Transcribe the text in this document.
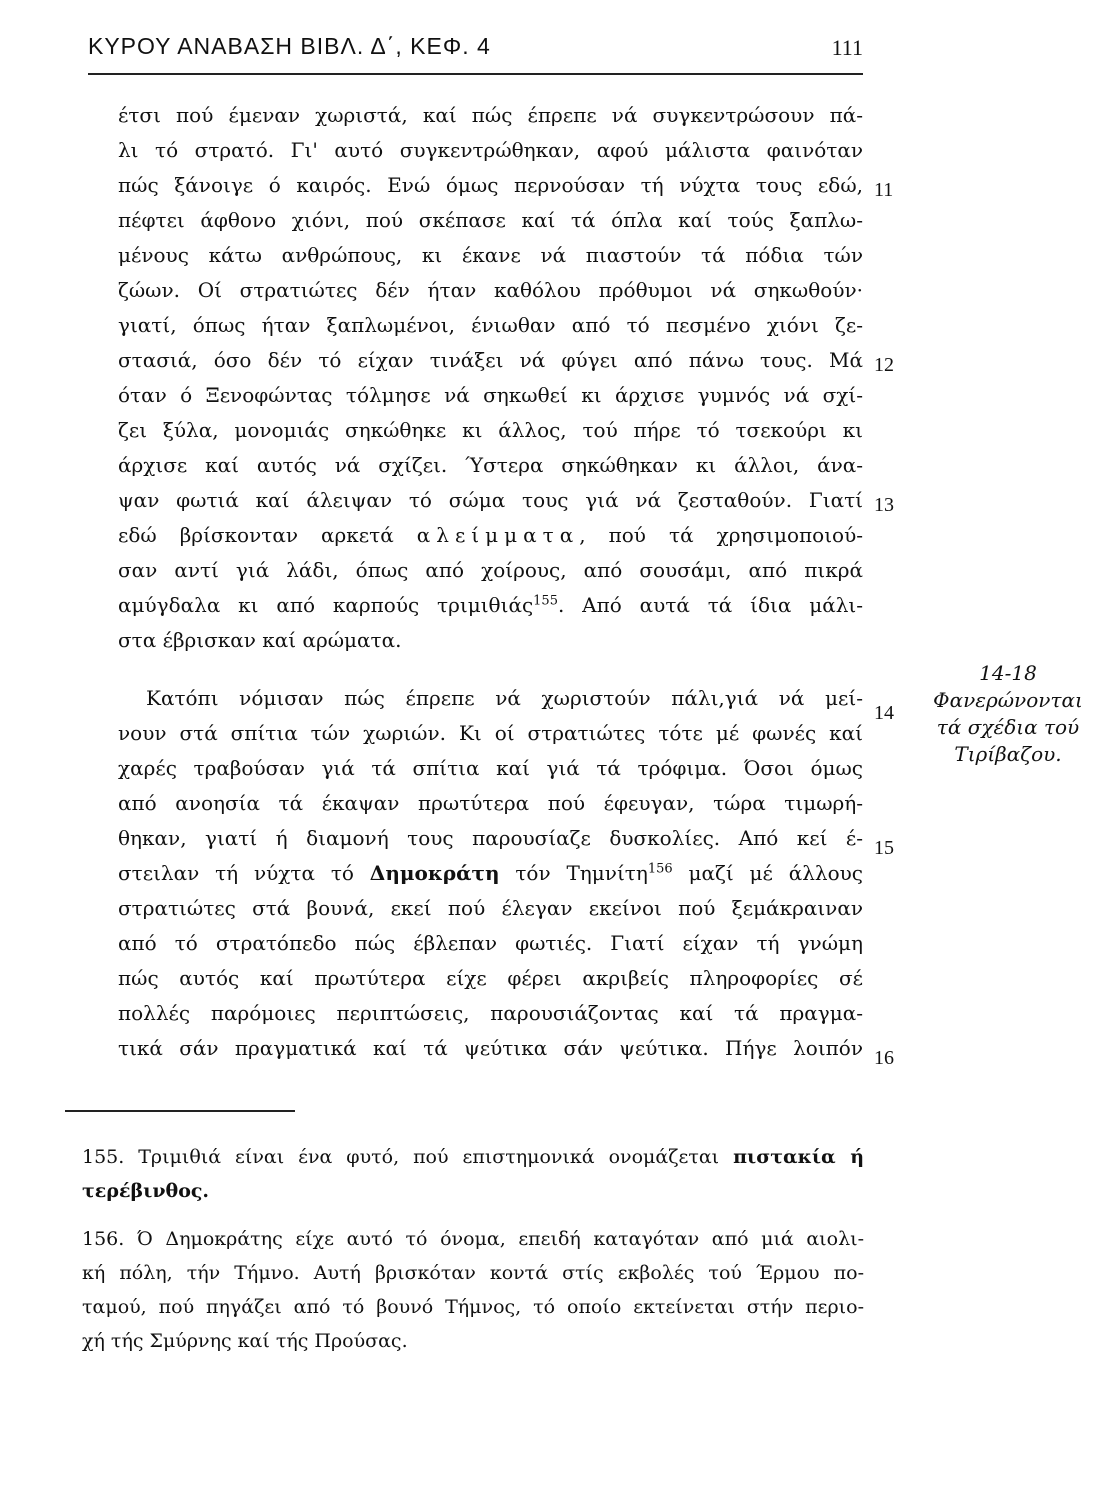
ΚΥΡΟΥ ΑΝΑΒΑΣΗ ΒΙΒΛ. Δ΄, ΚΕΦ. 4	111
έτσι πού έμεναν χωριστά, καί πώς έπρεπε νά συγκεντρώσουν πά-
λι τό στρατό. Γι' αυτό συγκεντρώθηκαν, αφού μάλιστα φαινόταν
πώς ξάνοιγε ό καιρός. Ενώ όμως περνούσαν τή νύχτα τους εδώ,
πέφτει άφθονο χιόνι, πού σκέπασε καί τά όπλα καί τούς ξαπλω-
μένους κάτω ανθρώπους, κι έκανε νά πιαστούν τά πόδια τών
ζώων. Οί στρατιώτες δέν ήταν καθόλου πρόθυμοι νά σηκωθούν·
γιατί, όπως ήταν ξαπλωμένοι, ένιωθαν από τό πεσμένο χιόνι ζε-
στασιά, όσο δέν τό είχαν τινάξει νά φύγει από πάνω τους. Μά
όταν ό Ξενοφώντας τόλμησε νά σηκωθεί κι άρχισε γυμνός νά σχί-
ζει ξύλα, μονομιάς σηκώθηκε κι άλλος, τού πήρε τό τσεκούρι κι
άρχισε καί αυτός νά σχίζει. Ύστερα σηκώθηκαν κι άλλοι, άνα-
ψαν φωτιά καί άλειψαν τό σώμα τους γιά νά ζεσταθούν. Γιατί
εδώ βρίσκονταν αρκετά αλείμματα, πού τά χρησιμοποιού-
σαν αντί γιά λάδι, όπως από χοίρους, από σουσάμι, από πικρά
αμύγδαλα κι από καρπούς τριμιθιάς$^{155}$. Από αυτά τά ίδια μάλι-
στα έβρισκαν καί αρώματα.
Κατόπι νόμισαν πώς έπρεπε νά χωριστούν πάλι,γιά νά μεί-
νουν στά σπίτια τών χωριών. Κι οί στρατιώτες τότε μέ φωνές καί
χαρές τραβούσαν γιά τά σπίτια καί γιά τά τρόφιμα. Όσοι όμως
από ανοησία τά έκαψαν πρωτύτερα πού έφευγαν, τώρα τιμωρή-
θηκαν, γιατί ή διαμονή τους παρουσίαζε δυσκολίες. Από κεί έ-
στειλαν τή νύχτα τό Δημοκράτη τόν Τημνίτη$^{156}$ μαζί μέ άλλους
στρατιώτες στά βουνά, εκεί πού έλεγαν εκείνοι πού ξεμάκραιναν
από τό στρατόπεδο πώς έβλεπαν φωτιές. Γιατί είχαν τή γνώμη
πώς αυτός καί πρωτύτερα είχε φέρει ακριβείς πληροφορίες σέ
πολλές παρόμοιες περιπτώσεις, παρουσιάζοντας καί τά πραγμα-
τικά σάν πραγματικά καί τά ψεύτικα σάν ψεύτικα. Πήγε λοιπόν
11
12
13
14
15
16
14-18
Φανερώνονται
τά σχέδια τού
Τιρίβαζου.
155. Τριμιθιά είναι ένα φυτό, πού επιστημονικά ονομάζεται πιστακία ή
τερέβινθος.
156. Ό Δημοκράτης είχε αυτό τό όνομα, επειδή καταγόταν από μιά αιολι-
κή πόλη, τήν Τήμνο. Αυτή βρισκόταν κοντά στίς εκβολές τού Έρμου πο-
ταμού, πού πηγάζει από τό βουνό Τήμνος, τό οποίο εκτείνεται στήν περιο-
χή τής Σμύρνης καί τής Προύσας.
